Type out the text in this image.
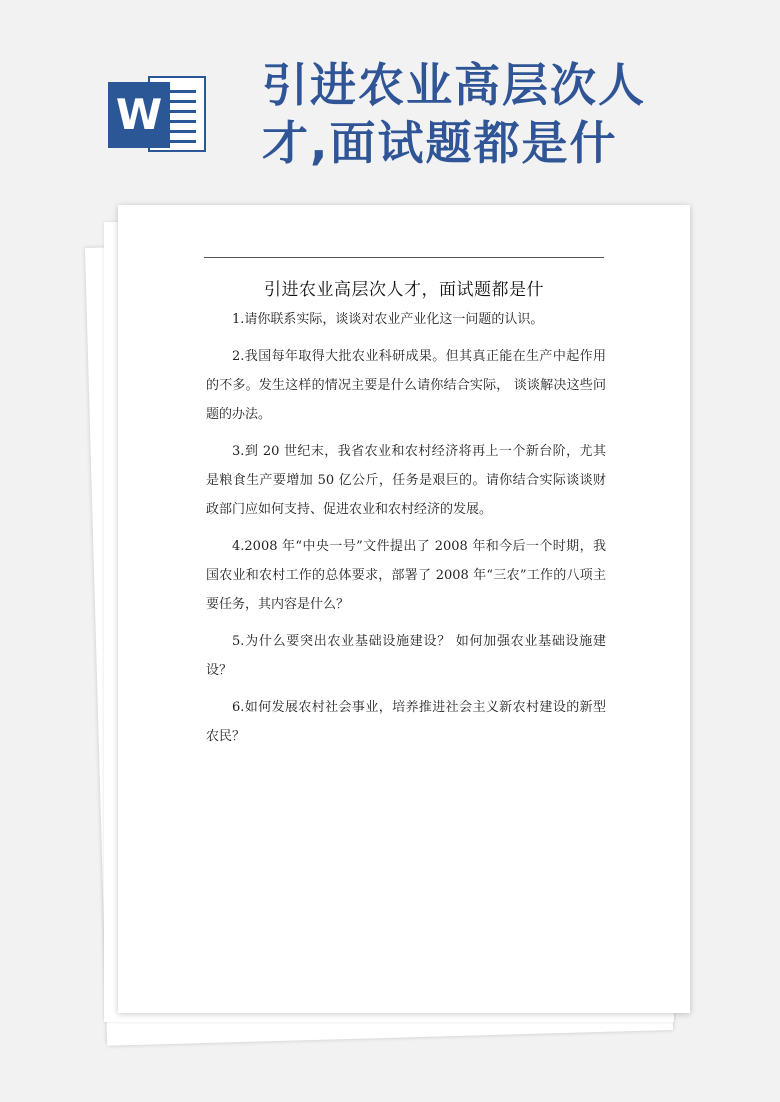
W
引进农业高层次人才,面试题都是什
引进农业高层次人才，面试题都是什

1.请你联系实际，谈谈对农业产业化这一问题的认识。

2.我国每年取得大批农业科研成果。但其真正能在生产中起作用的不多。发生这样的情况主要是什么请你结合实际， 谈谈解决这些问题的办法。

3.到 20 世纪末，我省农业和农村经济将再上一个新台阶，尤其是粮食生产要增加 50 亿公斤，任务是艰巨的。请你结合实际谈谈财政部门应如何支持、促进农业和农村经济的发展。

4.2008 年“中央一号”文件提出了 2008 年和今后一个时期，我国农业和农村工作的总体要求，部署了 2008 年“三农”工作的八项主要任务，其内容是什么？

5.为什么要突出农业基础设施建设？ 如何加强农业基础设施建设？

6.如何发展农村社会事业，培养推进社会主义新农村建设的新型农民？
